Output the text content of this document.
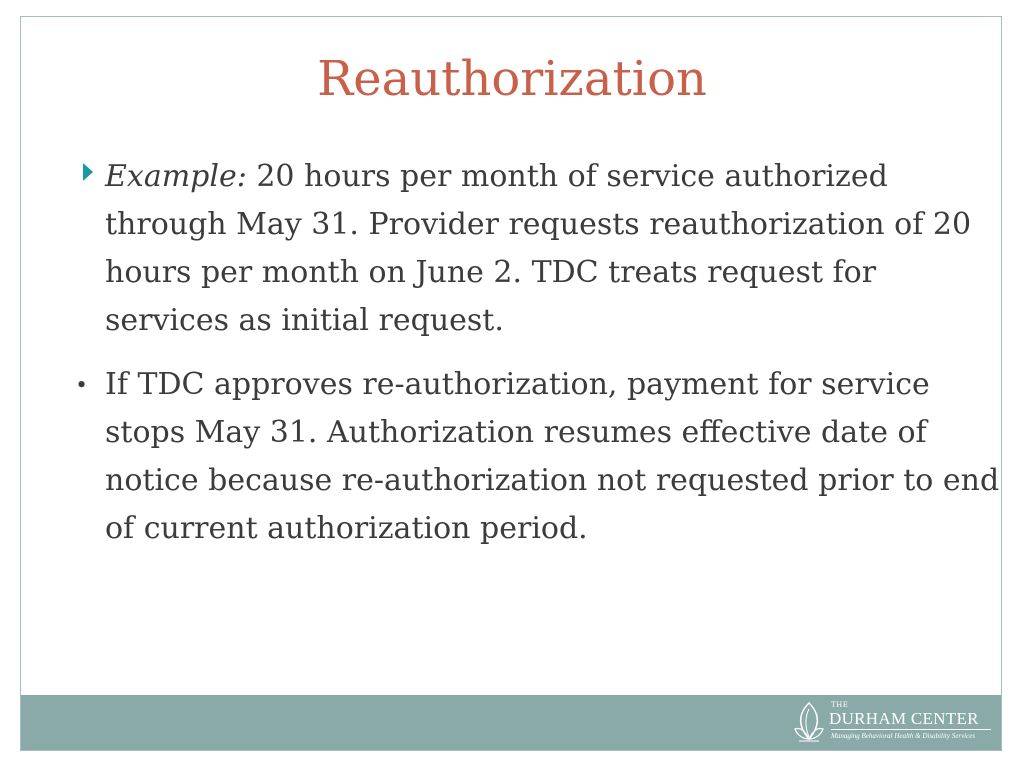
Reauthorization
Example: 20 hours per month of service authorized through May 31. Provider requests reauthorization of 20 hours per month on June 2. TDC treats request for services as initial request.
• If TDC approves re-authorization, payment for service stops May 31. Authorization resumes effective date of notice because re-authorization not requested prior to end of current authorization period.
THE
DURHAM CENTER
Managing Behavioral Health & Disability Services
